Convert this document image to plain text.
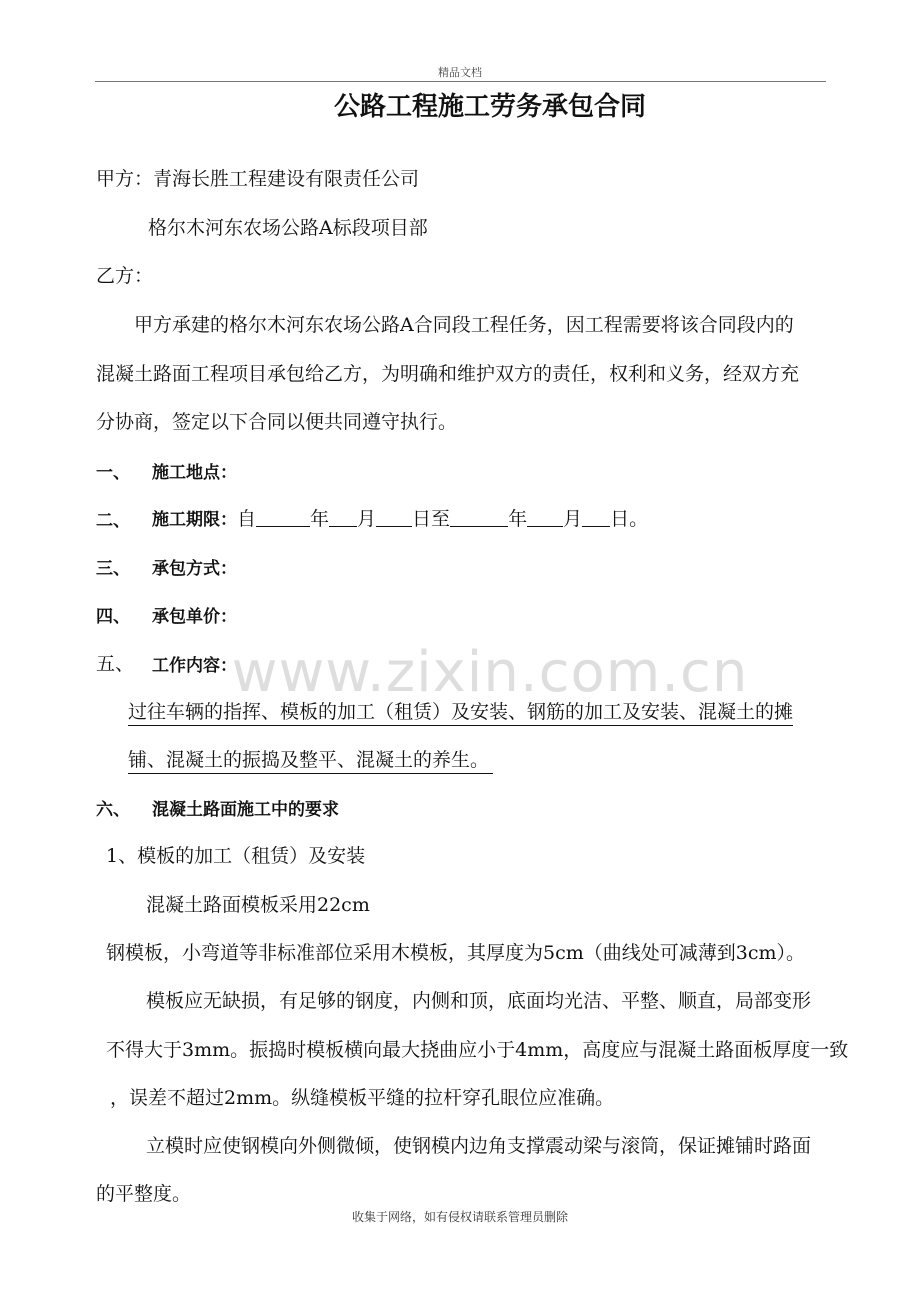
精品文档
公路工程施工劳务承包合同
甲方：青海长胜工程建设有限责任公司
格尔木河东农场公路A标段项目部
乙方：
甲方承建的格尔木河东农场公路A合同段工程任务，因工程需要将该合同段内的
混凝土路面工程项目承包给乙方，为明确和维护双方的责任，权利和义务，经双方充
分协商，签定以下合同以便共同遵守执行。
一、 施工地点：
二、 施工期限：自	年 月 日至	年 月 日。
三、 承包方式：
四、 承包单价：
五、 工作内容：
www.zixin.com.cn
过往车辆的指挥、模板的加工（租赁）及安装、钢筋的加工及安装、混凝土的摊
铺、混凝土的振捣及整平、混凝土的养生。
六、 混凝土路面施工中的要求
1、模板的加工（租赁）及安装
混凝土路面模板采用22cm
钢模板，小弯道等非标准部位采用木模板，其厚度为5cm（曲线处可减薄到3cm）。
模板应无缺损，有足够的钢度，内侧和顶，底面均光洁、平整、顺直，局部变形
不得大于3mm。振捣时模板横向最大挠曲应小于4mm，高度应与混凝土路面板厚度一致
，误差不超过2mm。纵缝模板平缝的拉杆穿孔眼位应准确。
立模时应使钢模向外侧微倾，使钢模内边角支撑震动梁与滚筒，保证摊铺时路面
的平整度。
收集于网络，如有侵权请联系管理员删除
